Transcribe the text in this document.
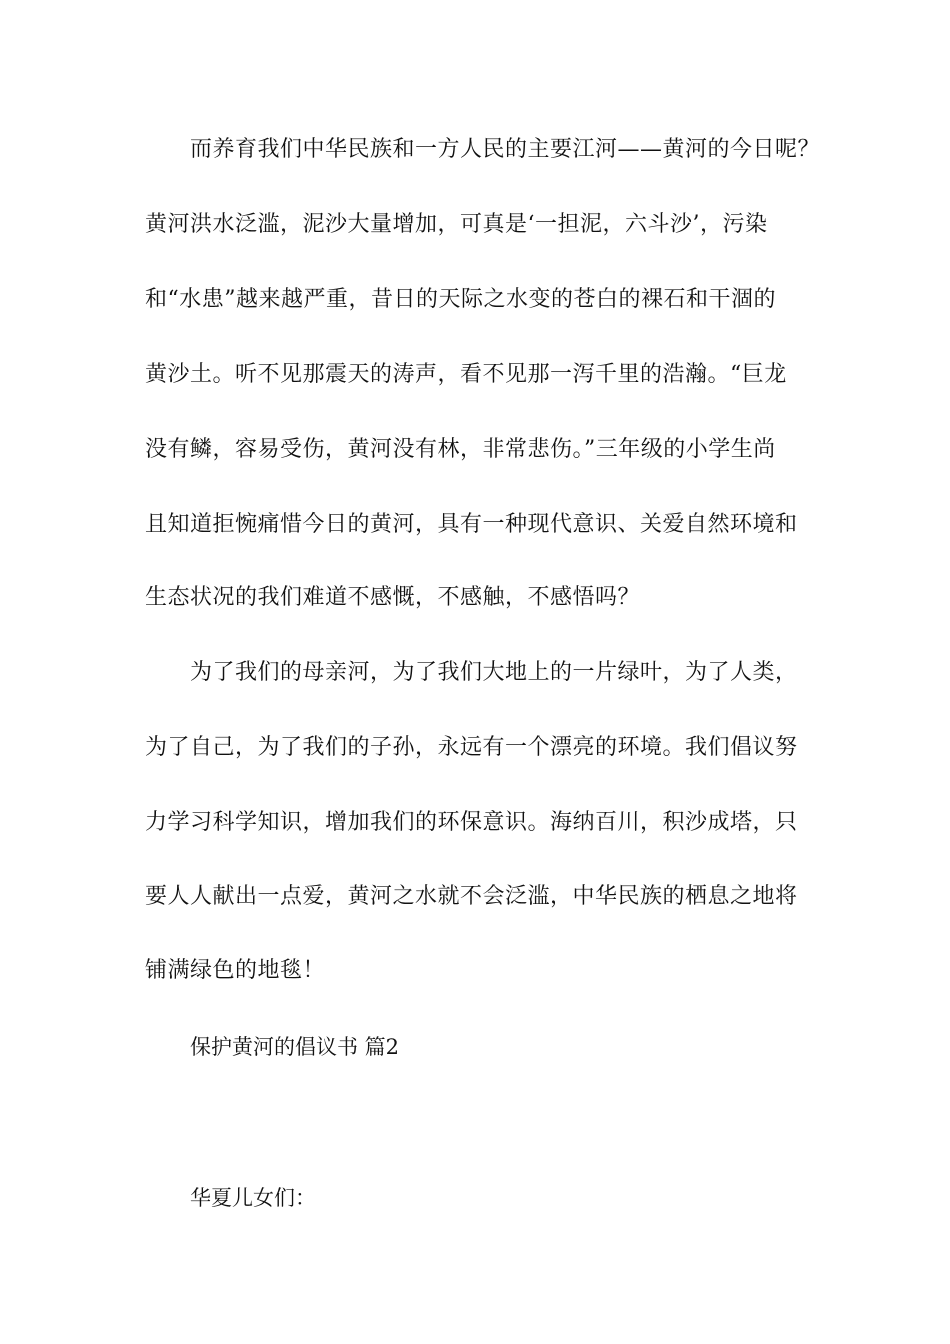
而养育我们中华民族和一方人民的主要江河——黄河的今日呢？
黄河洪水泛滥，泥沙大量增加，可真是‘一担泥，六斗沙’，污染
和“水患”越来越严重，昔日的天际之水变的苍白的裸石和干涸的
黄沙土。听不见那震天的涛声，看不见那一泻千里的浩瀚。“巨龙
没有鳞，容易受伤，黄河没有林，非常悲伤。”三年级的小学生尚
且知道拒惋痛惜今日的黄河，具有一种现代意识、关爱自然环境和
生态状况的我们难道不感慨，不感触，不感悟吗？
为了我们的母亲河，为了我们大地上的一片绿叶，为了人类，
为了自己，为了我们的子孙，永远有一个漂亮的环境。我们倡议努
力学习科学知识，增加我们的环保意识。海纳百川，积沙成塔，只
要人人献出一点爱，黄河之水就不会泛滥，中华民族的栖息之地将
铺满绿色的地毯！
保护黄河的倡议书 篇2
华夏儿女们：
